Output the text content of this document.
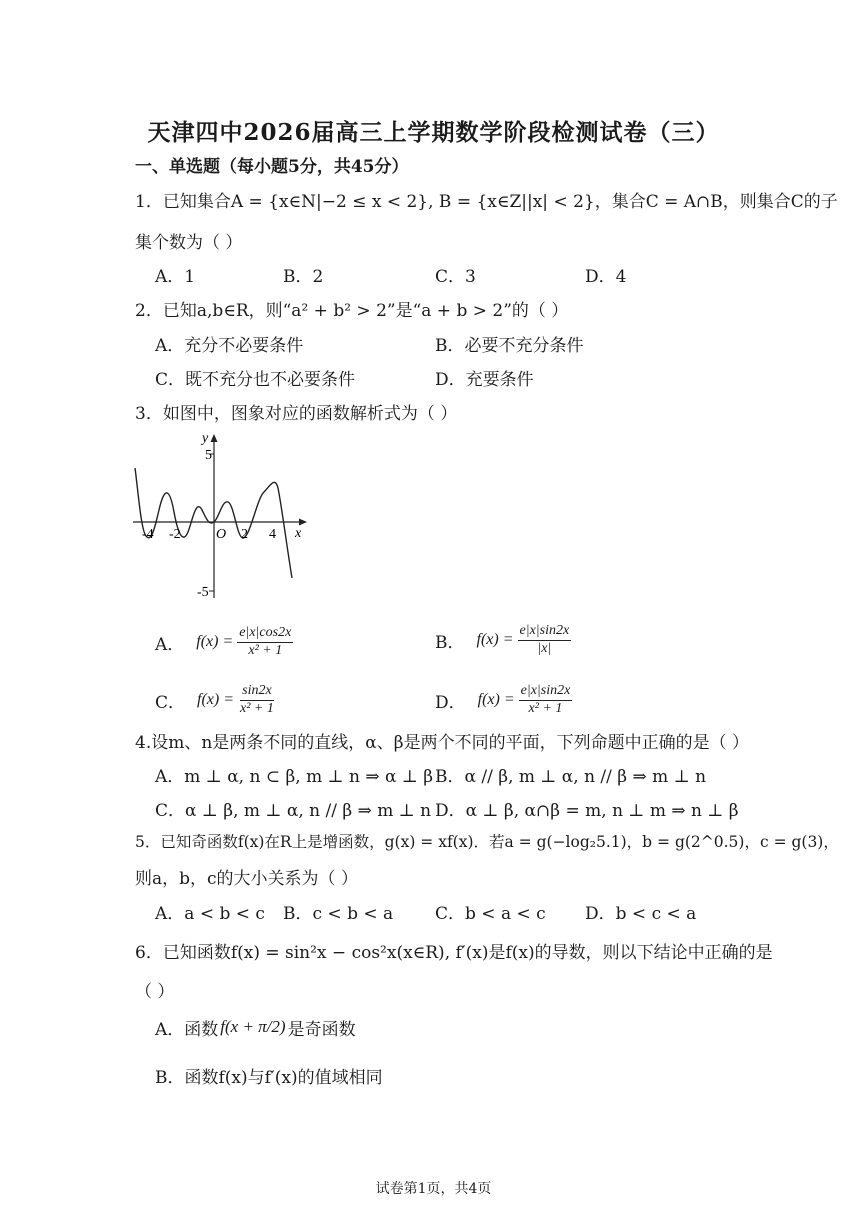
天津四中2026届高三上学期数学阶段检测试卷（三）
一、单选题（每小题5分，共45分）
1．已知集合A = {x∈N|−2 ≤ x < 2}, B = {x∈Z||x| < 2}，集合C = A∩B，则集合C的子
集个数为（ ）
A．1	B．2	C．3	D．4
2．已知a,b∈R，则“a² + b² > 2”是“a + b > 2”的（ ）
A．充分不必要条件	B．必要不充分条件
C．既不充分也不必要条件	D．充要条件
3．如图中，图象对应的函数解析式为（ ）
y
5
-5
x
-4 -2	O 2 4
A． $f(x) = \frac{e|x|\cos 2x}{\text{x² + 1}}$	B． $f(x) = \frac{e|x|\sin 2x}{|x|}$
C． $f(x) = \frac{\sin 2x}{\text{x² + 1}}$	D． $f(x) = \frac{e|x|\sin 2x}{\text{x² + 1}}$
4.设m、n是两条不同的直线，α、β是两个不同的平面，下列命题中正确的是（ ）
A．m ⊥ α, n ⊂ β, m ⊥ n ⇒ α ⊥ β B．α // β, m ⊥ α, n // β ⇒ m ⊥ n
C．α ⊥ β, m ⊥ α, n // β ⇒ m ⊥ n D．α ⊥ β, α∩β = m, n ⊥ m ⇒ n ⊥ β
5．已知奇函数f(x)在R上是增函数，g(x) = xf(x)．若a = g(−log₂5.1)，b = g(2^0.5)，c = g(3)，
则a，b，c的大小关系为（ ）
A．a < b < c B．c < b < a C．b < a < c D．b < c < a
6．已知函数f(x) = sin²x − cos²x(x∈R), f′(x)是f(x)的导数，则以下结论中正确的是
（ ）
A．函数 f(x + π/2) 是奇函数
B．函数f(x)与f′(x)的值域相同
试卷第1页，共4页
